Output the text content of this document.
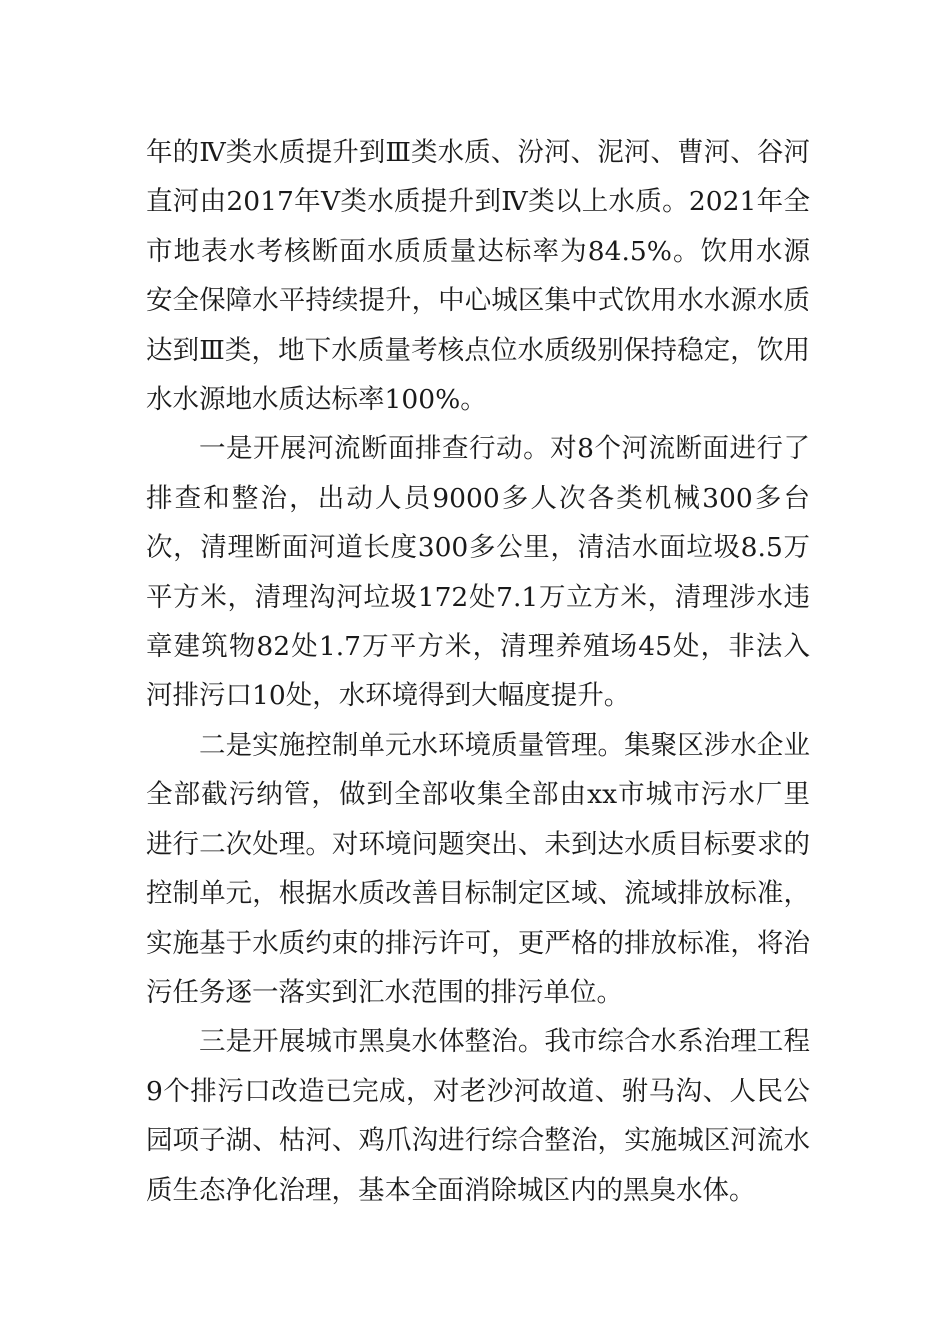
年的Ⅳ类水质提升到Ⅲ类水质、汾河、泥河、曹河、谷河直河由2017年Ⅴ类水质提升到Ⅳ类以上水质。2021年全市地表水考核断面水质质量达标率为84.5%。饮用水源安全保障水平持续提升，中心城区集中式饮用水水源水质达到Ⅲ类，地下水质量考核点位水质级别保持稳定，饮用水水源地水质达标率100%。

一是开展河流断面排查行动。对8个河流断面进行了排查和整治，出动人员9000多人次各类机械300多台次，清理断面河道长度300多公里，清洁水面垃圾8.5万平方米，清理沟河垃圾172处7.1万立方米，清理涉水违章建筑物82处1.7万平方米，清理养殖场45处，非法入河排污口10处，水环境得到大幅度提升。

二是实施控制单元水环境质量管理。集聚区涉水企业全部截污纳管，做到全部收集全部由xx市城市污水厂里进行二次处理。对环境问题突出、未到达水质目标要求的控制单元，根据水质改善目标制定区域、流域排放标准，实施基于水质约束的排污许可，更严格的排放标准，将治污任务逐一落实到汇水范围的排污单位。

三是开展城市黑臭水体整治。我市综合水系治理工程9个排污口改造已完成，对老沙河故道、驸马沟、人民公园项子湖、枯河、鸡爪沟进行综合整治，实施城区河流水质生态净化治理，基本全面消除城区内的黑臭水体。
